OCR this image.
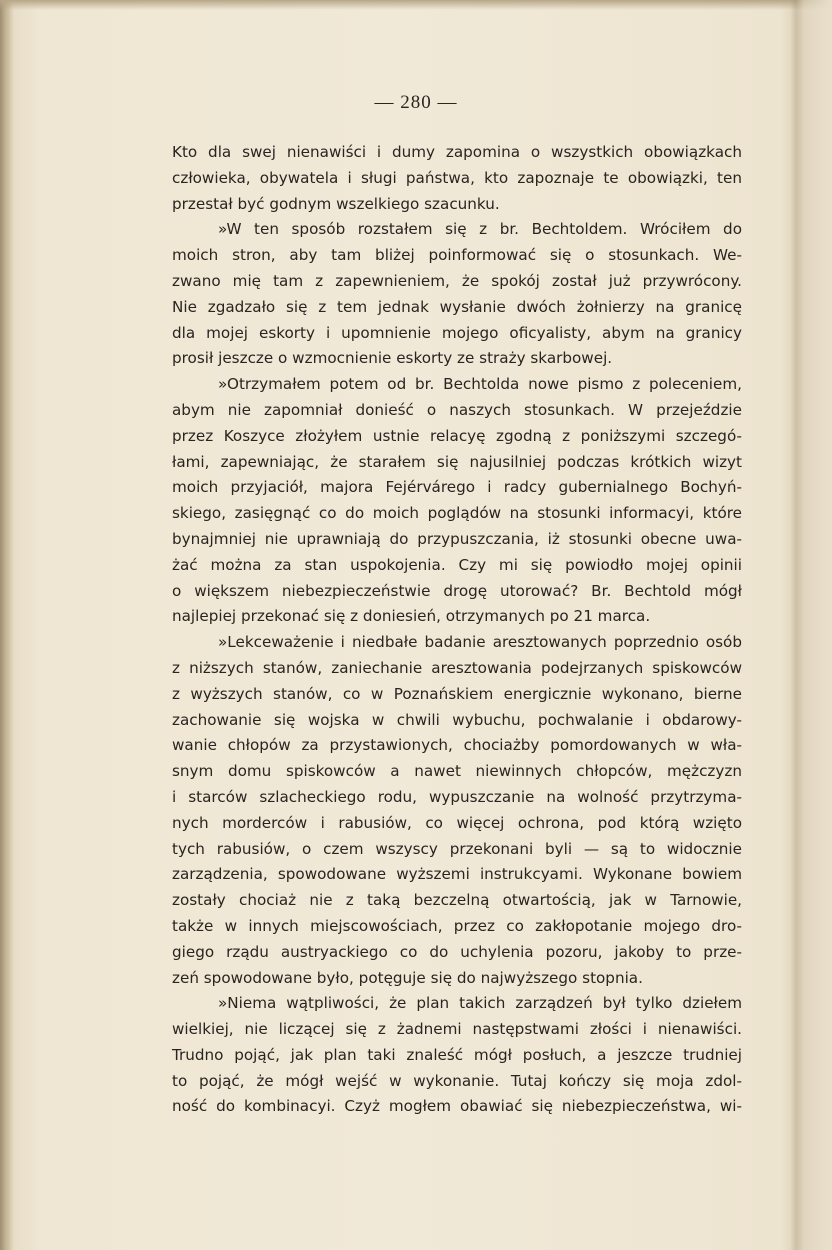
— 280 —
Kto dla swej nienawiści i dumy zapomina o wszystkich obowiązkach
człowieka, obywatela i sługi państwa, kto zapoznaje te obowiązki, ten
przestał być godnym wszelkiego szacunku.
»W ten sposób rozstałem się z br. Bechtoldem. Wróciłem do
moich stron, aby tam bliżej poinformować się o stosunkach. We-
zwano mię tam z zapewnieniem, że spokój został już przywrócony.
Nie zgadzało się z tem jednak wysłanie dwóch żołnierzy na granicę
dla mojej eskorty i upomnienie mojego oficyalisty, abym na granicy
prosił jeszcze o wzmocnienie eskorty ze straży skarbowej.
»Otrzymałem potem od br. Bechtolda nowe pismo z poleceniem,
abym nie zapomniał donieść o naszych stosunkach. W przejeździe
przez Koszyce złożyłem ustnie relacyę zgodną z poniższymi szczegó-
łami, zapewniając, że starałem się najusilniej podczas krótkich wizyt
moich przyjaciół, majora Fejérvárego i radcy gubernialnego Bochyń-
skiego, zasięgnąć co do moich poglądów na stosunki informacyi, które
bynajmniej nie uprawniają do przypuszczania, iż stosunki obecne uwa-
żać można za stan uspokojenia. Czy mi się powiodło mojej opinii
o większem niebezpieczeństwie drogę utorować? Br. Bechtold mógł
najlepiej przekonać się z doniesień, otrzymanych po 21 marca.
»Lekceważenie i niedbałe badanie aresztowanych poprzednio osób
z niższych stanów, zaniechanie aresztowania podejrzanych spiskowców
z wyższych stanów, co w Poznańskiem energicznie wykonano, bierne
zachowanie się wojska w chwili wybuchu, pochwalanie i obdarowy-
wanie chłopów za przystawionych, chociażby pomordowanych w wła-
snym domu spiskowców a nawet niewinnych chłopców, mężczyzn
i starców szlacheckiego rodu, wypuszczanie na wolność przytrzyma-
nych morderców i rabusiów, co więcej ochrona, pod którą wzięto
tych rabusiów, o czem wszyscy przekonani byli — są to widocznie
zarządzenia, spowodowane wyższemi instrukcyami. Wykonane bowiem
zostały chociaż nie z taką bezczelną otwartością, jak w Tarnowie,
także w innych miejscowościach, przez co zakłopotanie mojego dro-
giego rządu austryackiego co do uchylenia pozoru, jakoby to prze-
zeń spowodowane było, potęguje się do najwyższego stopnia.
»Niema wątpliwości, że plan takich zarządzeń był tylko dziełem
wielkiej, nie liczącej się z żadnemi następstwami złości i nienawiści.
Trudno pojąć, jak plan taki znaleść mógł posłuch, a jeszcze trudniej
to pojąć, że mógł wejść w wykonanie. Tutaj kończy się moja zdol-
ność do kombinacyi. Czyż mogłem obawiać się niebezpieczeństwa, wi-
